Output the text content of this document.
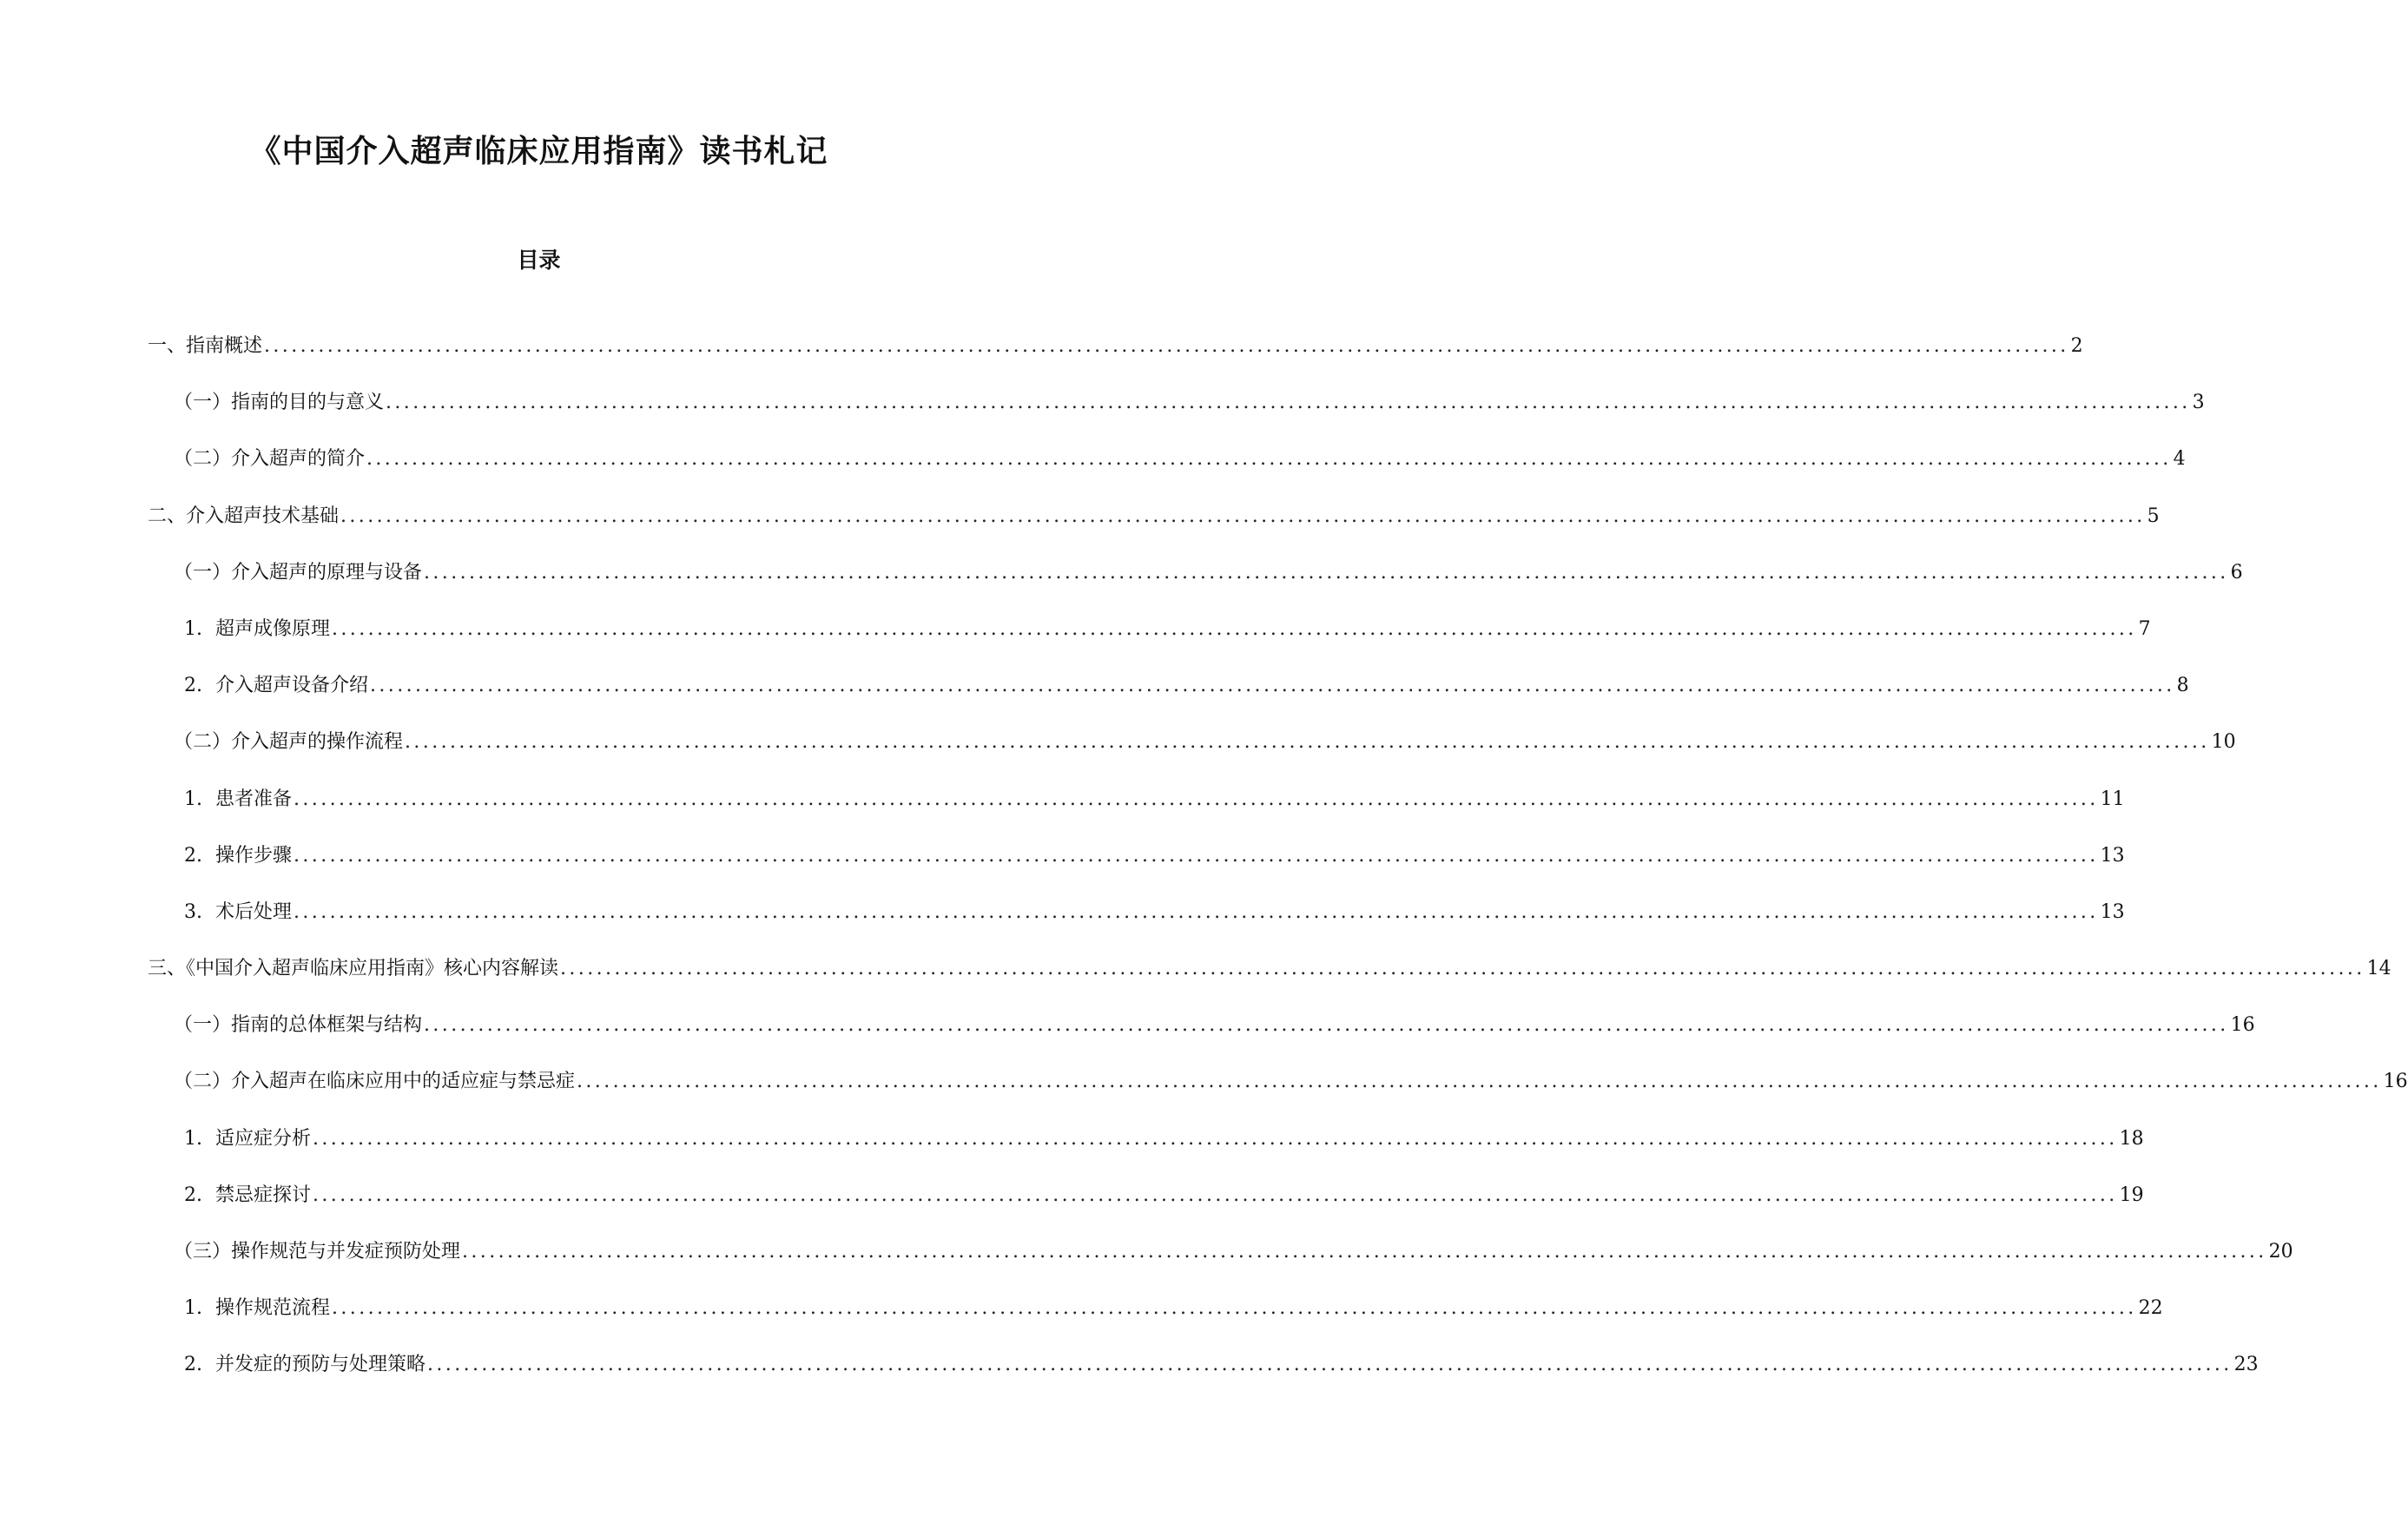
《中国介入超声临床应用指南》读书札记
目录
一、指南概述 ........................................................................................................................................................................................................ 2
（一）指南的目的与意义 ........................................................................................................................................................................................................ 3
（二）介入超声的简介 ........................................................................................................................................................................................................ 4
二、介入超声技术基础 ........................................................................................................................................................................................................ 5
（一）介入超声的原理与设备 ........................................................................................................................................................................................................ 6
1. 超声成像原理 ........................................................................................................................................................................................................ 7
2. 介入超声设备介绍 ........................................................................................................................................................................................................ 8
（二）介入超声的操作流程 ........................................................................................................................................................................................................ 10
1. 患者准备 ........................................................................................................................................................................................................ 11
2. 操作步骤 ........................................................................................................................................................................................................ 13
3. 术后处理 ........................................................................................................................................................................................................ 13
三、《中国介入超声临床应用指南》核心内容解读 ........................................................................................................................................................................................................ 14
（一）指南的总体框架与结构 ........................................................................................................................................................................................................ 16
（二）介入超声在临床应用中的适应症与禁忌症 ........................................................................................................................................................................................................ 16
1. 适应症分析 ........................................................................................................................................................................................................ 18
2. 禁忌症探讨 ........................................................................................................................................................................................................ 19
（三）操作规范与并发症预防处理 ........................................................................................................................................................................................................ 20
1. 操作规范流程 ........................................................................................................................................................................................................ 22
2. 并发症的预防与处理策略 ........................................................................................................................................................................................................ 23
